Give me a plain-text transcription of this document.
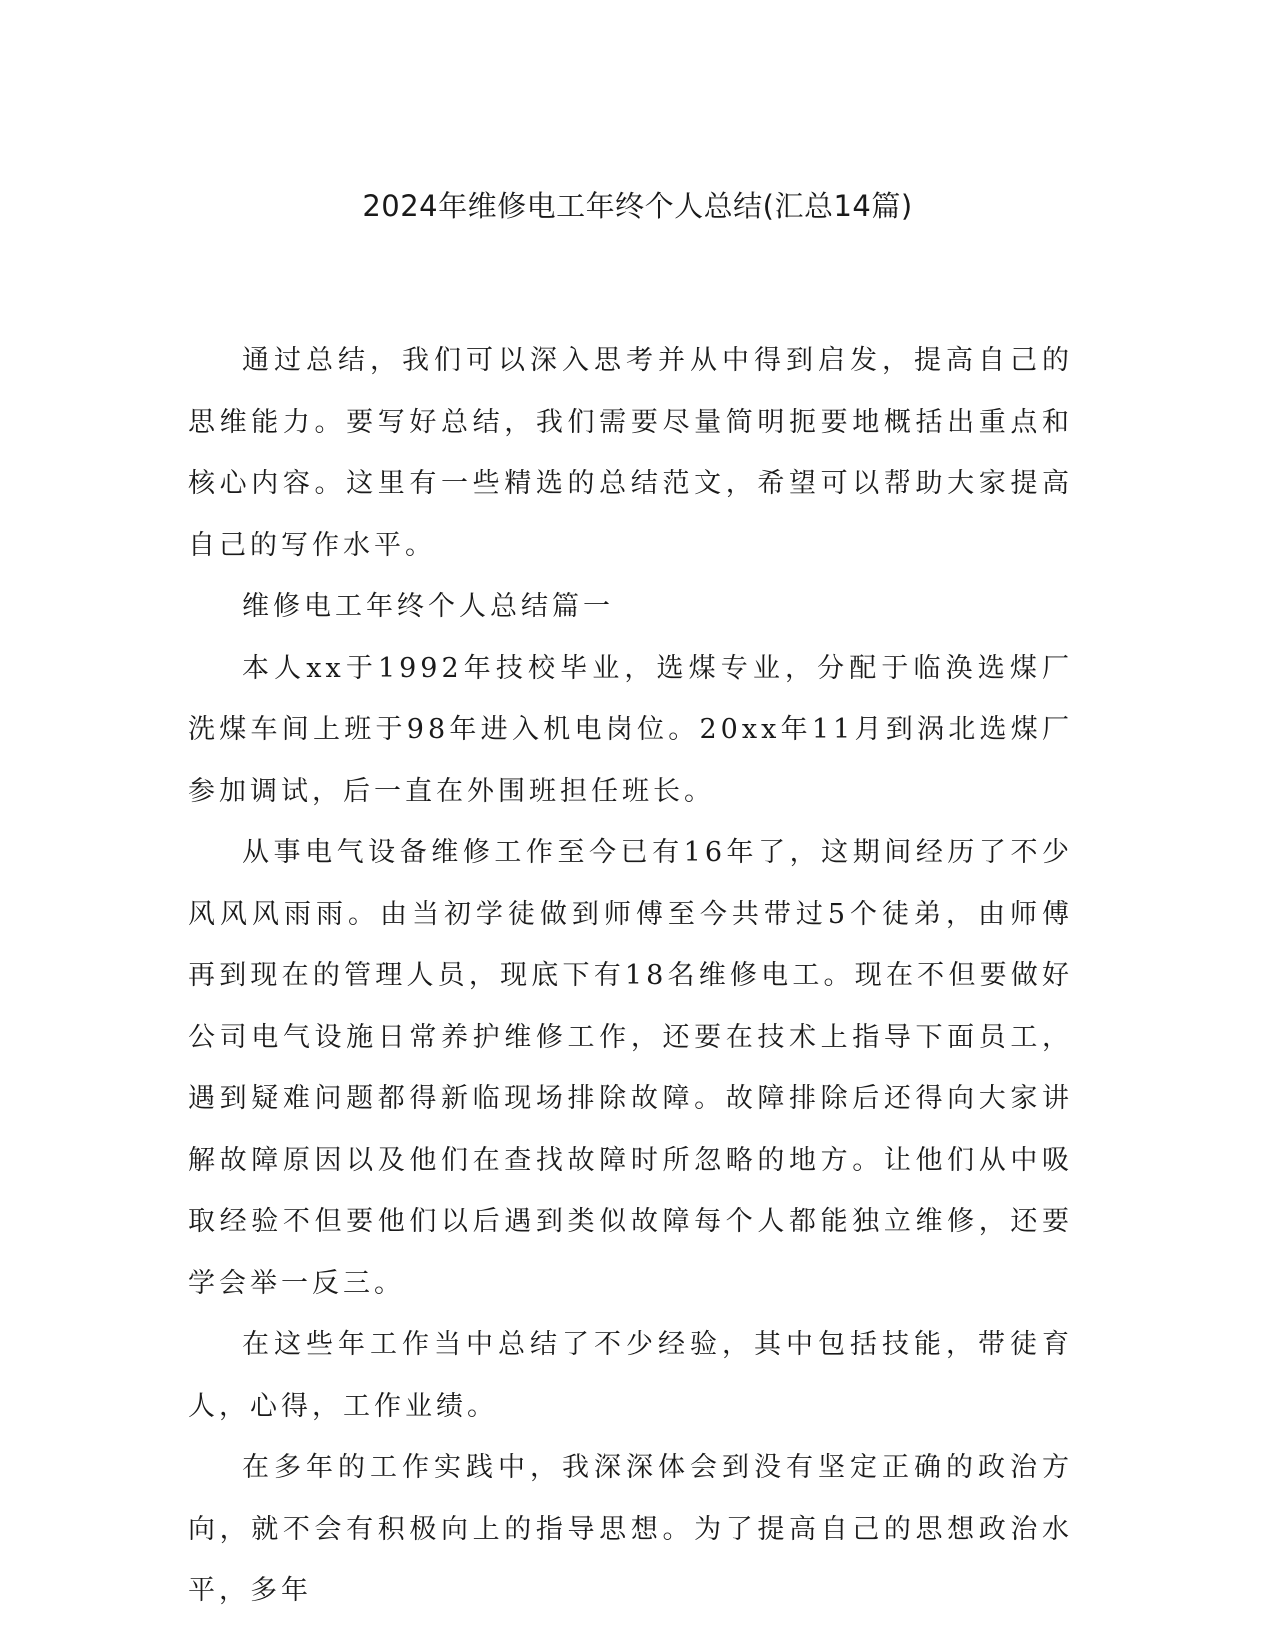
2024年维修电工年终个人总结(汇总14篇)

通过总结，我们可以深入思考并从中得到启发，提高自己的思维能力。要写好总结，我们需要尽量简明扼要地概括出重点和核心内容。这里有一些精选的总结范文，希望可以帮助大家提高自己的写作水平。

维修电工年终个人总结篇一

本人xx于1992年技校毕业，选煤专业，分配于临涣选煤厂洗煤车间上班于98年进入机电岗位。20xx年11月到涡北选煤厂参加调试，后一直在外围班担任班长。

从事电气设备维修工作至今已有16年了，这期间经历了不少风风风雨雨。由当初学徒做到师傅至今共带过5个徒弟，由师傅再到现在的管理人员，现底下有18名维修电工。现在不但要做好公司电气设施日常养护维修工作，还要在技术上指导下面员工，遇到疑难问题都得新临现场排除故障。故障排除后还得向大家讲解故障原因以及他们在查找故障时所忽略的地方。让他们从中吸取经验不但要他们以后遇到类似故障每个人都能独立维修，还要学会举一反三。

在这些年工作当中总结了不少经验，其中包括技能，带徒育人，心得，工作业绩。

在多年的工作实践中，我深深体会到没有坚定正确的政治方向，就不会有积极向上的指导思想。为了提高自己的思想政治水平，多年
